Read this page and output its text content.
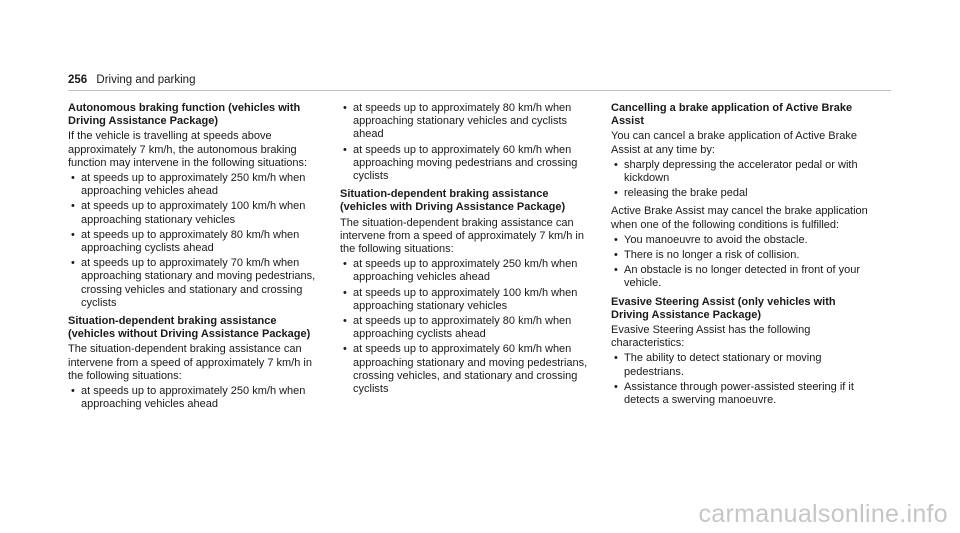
256 Driving and parking
Autonomous braking function (vehicles with Driving Assistance Package)

If the vehicle is travelling at speeds above approximately 7 km/h, the autonomous braking function may intervene in the following situations:

• at speeds up to approximately 250 km/h when approaching vehicles ahead
• at speeds up to approximately 100 km/h when approaching stationary vehicles
• at speeds up to approximately 80 km/h when approaching cyclists ahead
• at speeds up to approximately 70 km/h when approaching stationary and moving pedestrians, crossing vehicles and stationary and crossing cyclists
Situation-dependent braking assistance (vehicles without Driving Assistance Package)

The situation-dependent braking assistance can intervene from a speed of approximately 7 km/h in the following situations:

• at speeds up to approximately 250 km/h when approaching vehicles ahead
• at speeds up to approximately 80 km/h when approaching stationary vehicles and cyclists ahead
• at speeds up to approximately 60 km/h when approaching moving pedestrians and crossing cyclists
Situation-dependent braking assistance (vehicles with Driving Assistance Package)

The situation-dependent braking assistance can intervene from a speed of approximately 7 km/h in the following situations:

• at speeds up to approximately 250 km/h when approaching vehicles ahead
• at speeds up to approximately 100 km/h when approaching stationary vehicles
• at speeds up to approximately 80 km/h when approaching cyclists ahead
• at speeds up to approximately 60 km/h when approaching stationary and moving pedestrians, crossing vehicles, and stationary and crossing cyclists
Cancelling a brake application of Active Brake Assist

You can cancel a brake application of Active Brake Assist at any time by:

• sharply depressing the accelerator pedal or with kickdown
• releasing the brake pedal

Active Brake Assist may cancel the brake application when one of the following conditions is fulfilled:

• You manoeuvre to avoid the obstacle.
• There is no longer a risk of collision.
• An obstacle is no longer detected in front of your vehicle.
Evasive Steering Assist (only vehicles with Driving Assistance Package)

Evasive Steering Assist has the following characteristics:

• The ability to detect stationary or moving pedestrians.
• Assistance through power-assisted steering if it detects a swerving manoeuvre.
carmanualsonline.info
